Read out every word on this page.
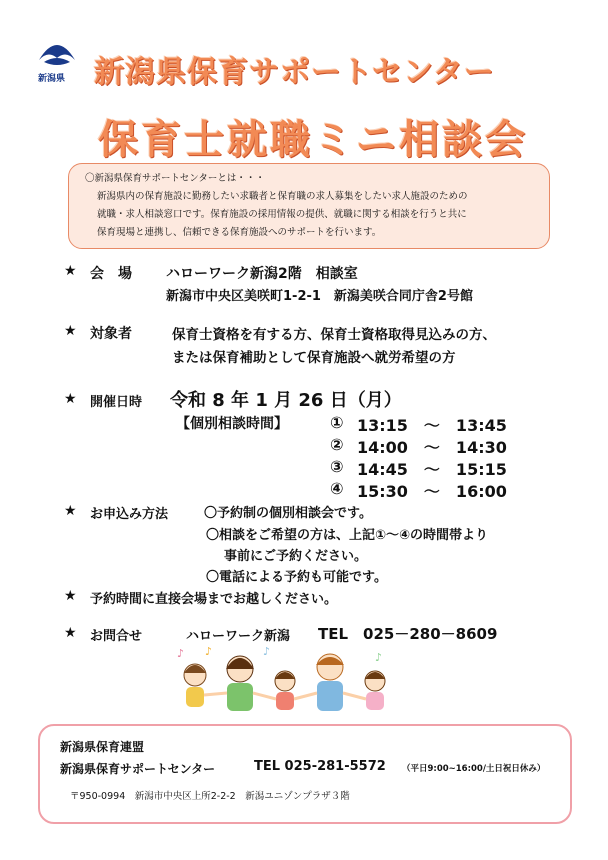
新潟県 新潟県保育サポートセンター
保育士就職ミニ相談会
〇新潟県保育サポートセンターとは・・・
新潟県内の保育施設に勤務したい求職者と保育職の求人募集をしたい求人施設のための
就職・求人相談窓口です。保育施設の採用情報の提供、就職に関する相談を行うと共に
保育現場と連携し、信頼できる保育施設へのサポートを行います。
★ 会　場 ハローワーク新潟2階　相談室
新潟市中央区美咲町1-2-1　新潟美咲合同庁舎2号館
★ 対象者	保育士資格を有する方、保育士資格取得見込みの方、
または保育補助として保育施設へ就労希望の方
★ 開催日時 令和 8 年 1 月 26 日（月）
【個別相談時間】	① 13:15　～　13:45
② 14:00　～　14:30
③ 14:45　～　15:15
④ 15:30　～　16:00
★ お申込み方法	〇予約制の個別相談会です。
〇相談をご希望の方は、上記①～④の時間帯より
事前にご予約ください。
〇電話による予約も可能です。
★ 予約時間に直接会場までお越しください。
★ お問合せ	ハローワーク新潟 TEL　025－280－8609
♪ ♪	♪	♪
新潟県保育連盟
新潟県保育サポートセンター	TEL 025-281-5572 （平日9:00~16:00/土日祝日休み）
〒950-0994　新潟市中央区上所2-2-2　新潟ユニゾンプラザ３階
